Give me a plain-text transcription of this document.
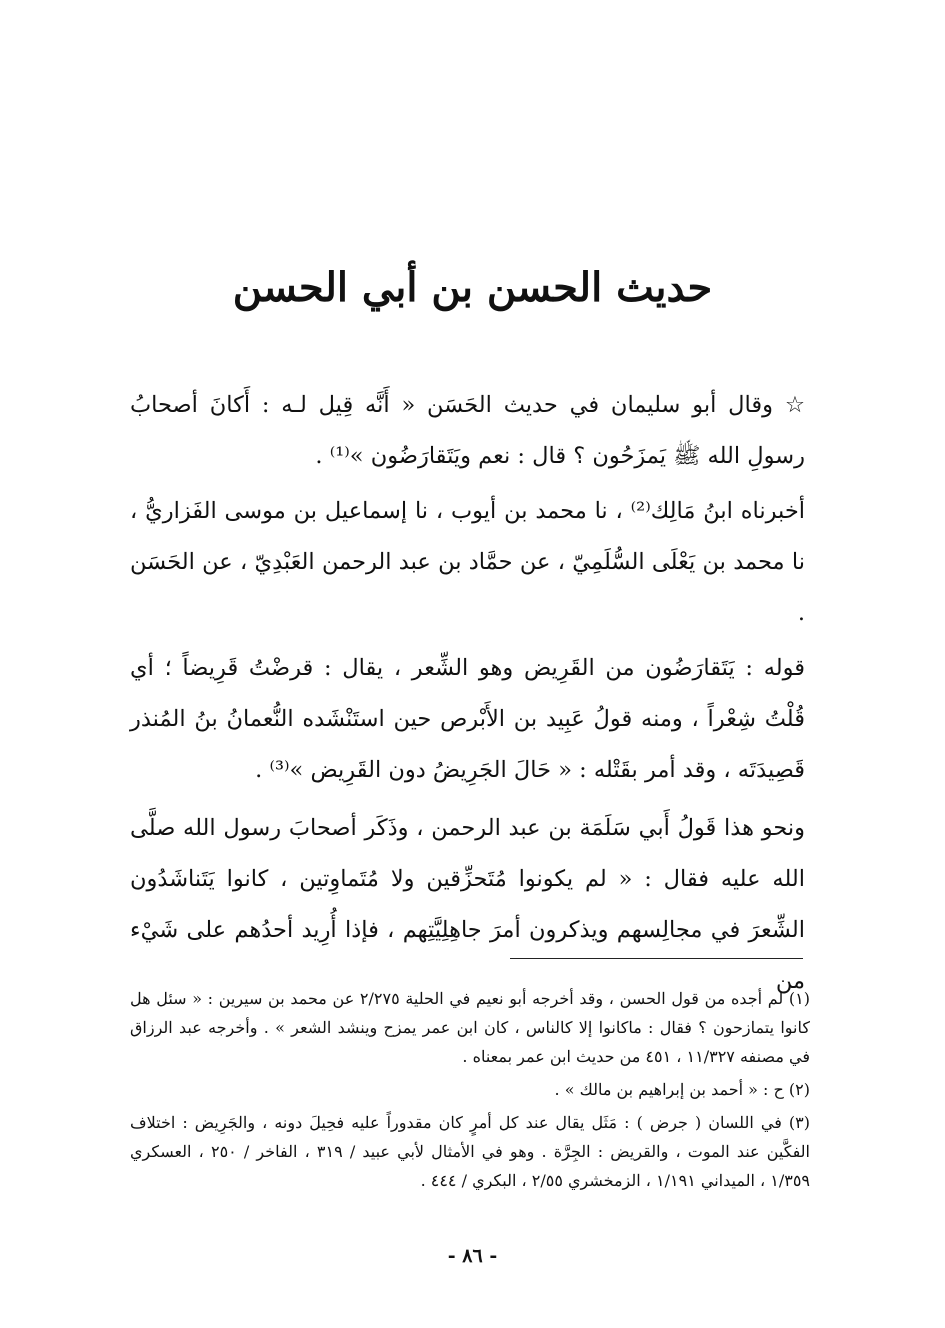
حديث الحسن بن أبي الحسن

☆ وقال أبو سليمان في حديث الحَسَن « أَنَّه قِيل لـه : أَكانَ أصحابُ رسولِ الله ﷺ يَمزَحُون ؟ قال : نعم ويَتَقارَضُون »⁽¹⁾ .

أخبرناه ابنُ مَالِك⁽²⁾ ، نا محمد بن أيوب ، نا إسماعيل بن موسى الفَزاريُّ ، نا محمد بن يَعْلَى السُّلَمِيّ ، عن حمَّاد بن عبد الرحمن العَبْدِيّ ، عن الحَسَن .

قوله : يَتَقارَضُون من القَرِيض وهو الشِّعر ، يقال : قرضْتُ قَرِيضاً ؛ أي قُلْتُ شِعْراً ، ومنه قولُ عَبِيد بن الأَبْرص حين استَنْشَده النُّعمانُ بنُ المُنذر قَصِيدَتَه ، وقد أمر بقَتْله : « حَالَ الجَرِيضُ دون القَرِيض »⁽³⁾ .

ونحو هذا قَولُ أَبي سَلَمَة بن عبد الرحمن ، وذَكَر أصحابَ رسول الله صلَّى الله عليه فقال : « لم يكونوا مُتَحزِّقين ولا مُتَماوِتين ، كانوا يَتَناشَدُون الشِّعرَ في مجالِسهم ويذكرون أمرَ جاهِلِيَّتِهم ، فإذا أُرِيد أحدُهم على شَيْء من

(١) لم أجده من قول الحسن ، وقد أخرجه أبو نعيم في الحلية ٢/٢٧٥ عن محمد بن سيرين : « سئل هل كانوا يتمازحون ؟ فقال : ماكانوا إلا كالناس ، كان ابن عمر يمزح وينشد الشعر » . وأخرجه عبد الرزاق في مصنفه ١١/٣٢٧ ، ٤٥١ من حديث ابن عمر بمعناه .

(٢) ح : « أحمد بن إبراهيم بن مالك » .

(٣) في اللسان ( جرض ) : مَثَل يقال عند كل أمرٍ كان مقدوراً عليه فحِيلَ دونه ، والجَرِيض : اختلاف الفكَّين عند الموت ، والقريض : الجِرَّة . وهو في الأمثال لأبي عبيد / ٣١٩ ، الفاخر / ٢٥٠ ، العسكري ١/٣٥٩ ، الميداني ١/١٩١ ، الزمخشري ٢/٥٥ ، البكري / ٤٤٤ .

- ٨٦ -
